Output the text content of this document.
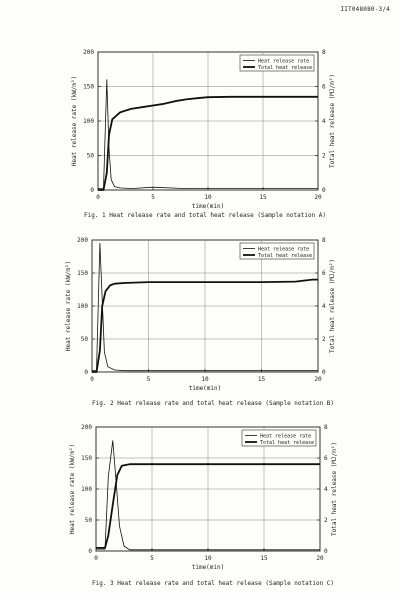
IIT048080-3/4
0	5	10	15	20
0
50
100
150
200
0
2
4
6
8
time(min)
Heat release rate (kW/m²)	Total heat release (MJ/m²)
Heat release rate
Total heat release
Fig. 1 Heat release rate and total heat release (Sample notation A)
0	5	10	15	20
0
50
100
150
200
0
2
4
6
8
time(min)
Heat release rate (kW/m²)	Total heat release (MJ/m²)
Heat release rate
Total heat release
Fig. 2 Heat release rate and total heat release (Sample notation B)
0	5	10	15	20
0
50
100
150
200
0
2
4
6
8
time(min)
Heat release rate (kW/m²)	Total heat release (MJ/m²)
Heat release rate
Total heat release
Fig. 3 Heat release rate and total heat release (Sample notation C)
